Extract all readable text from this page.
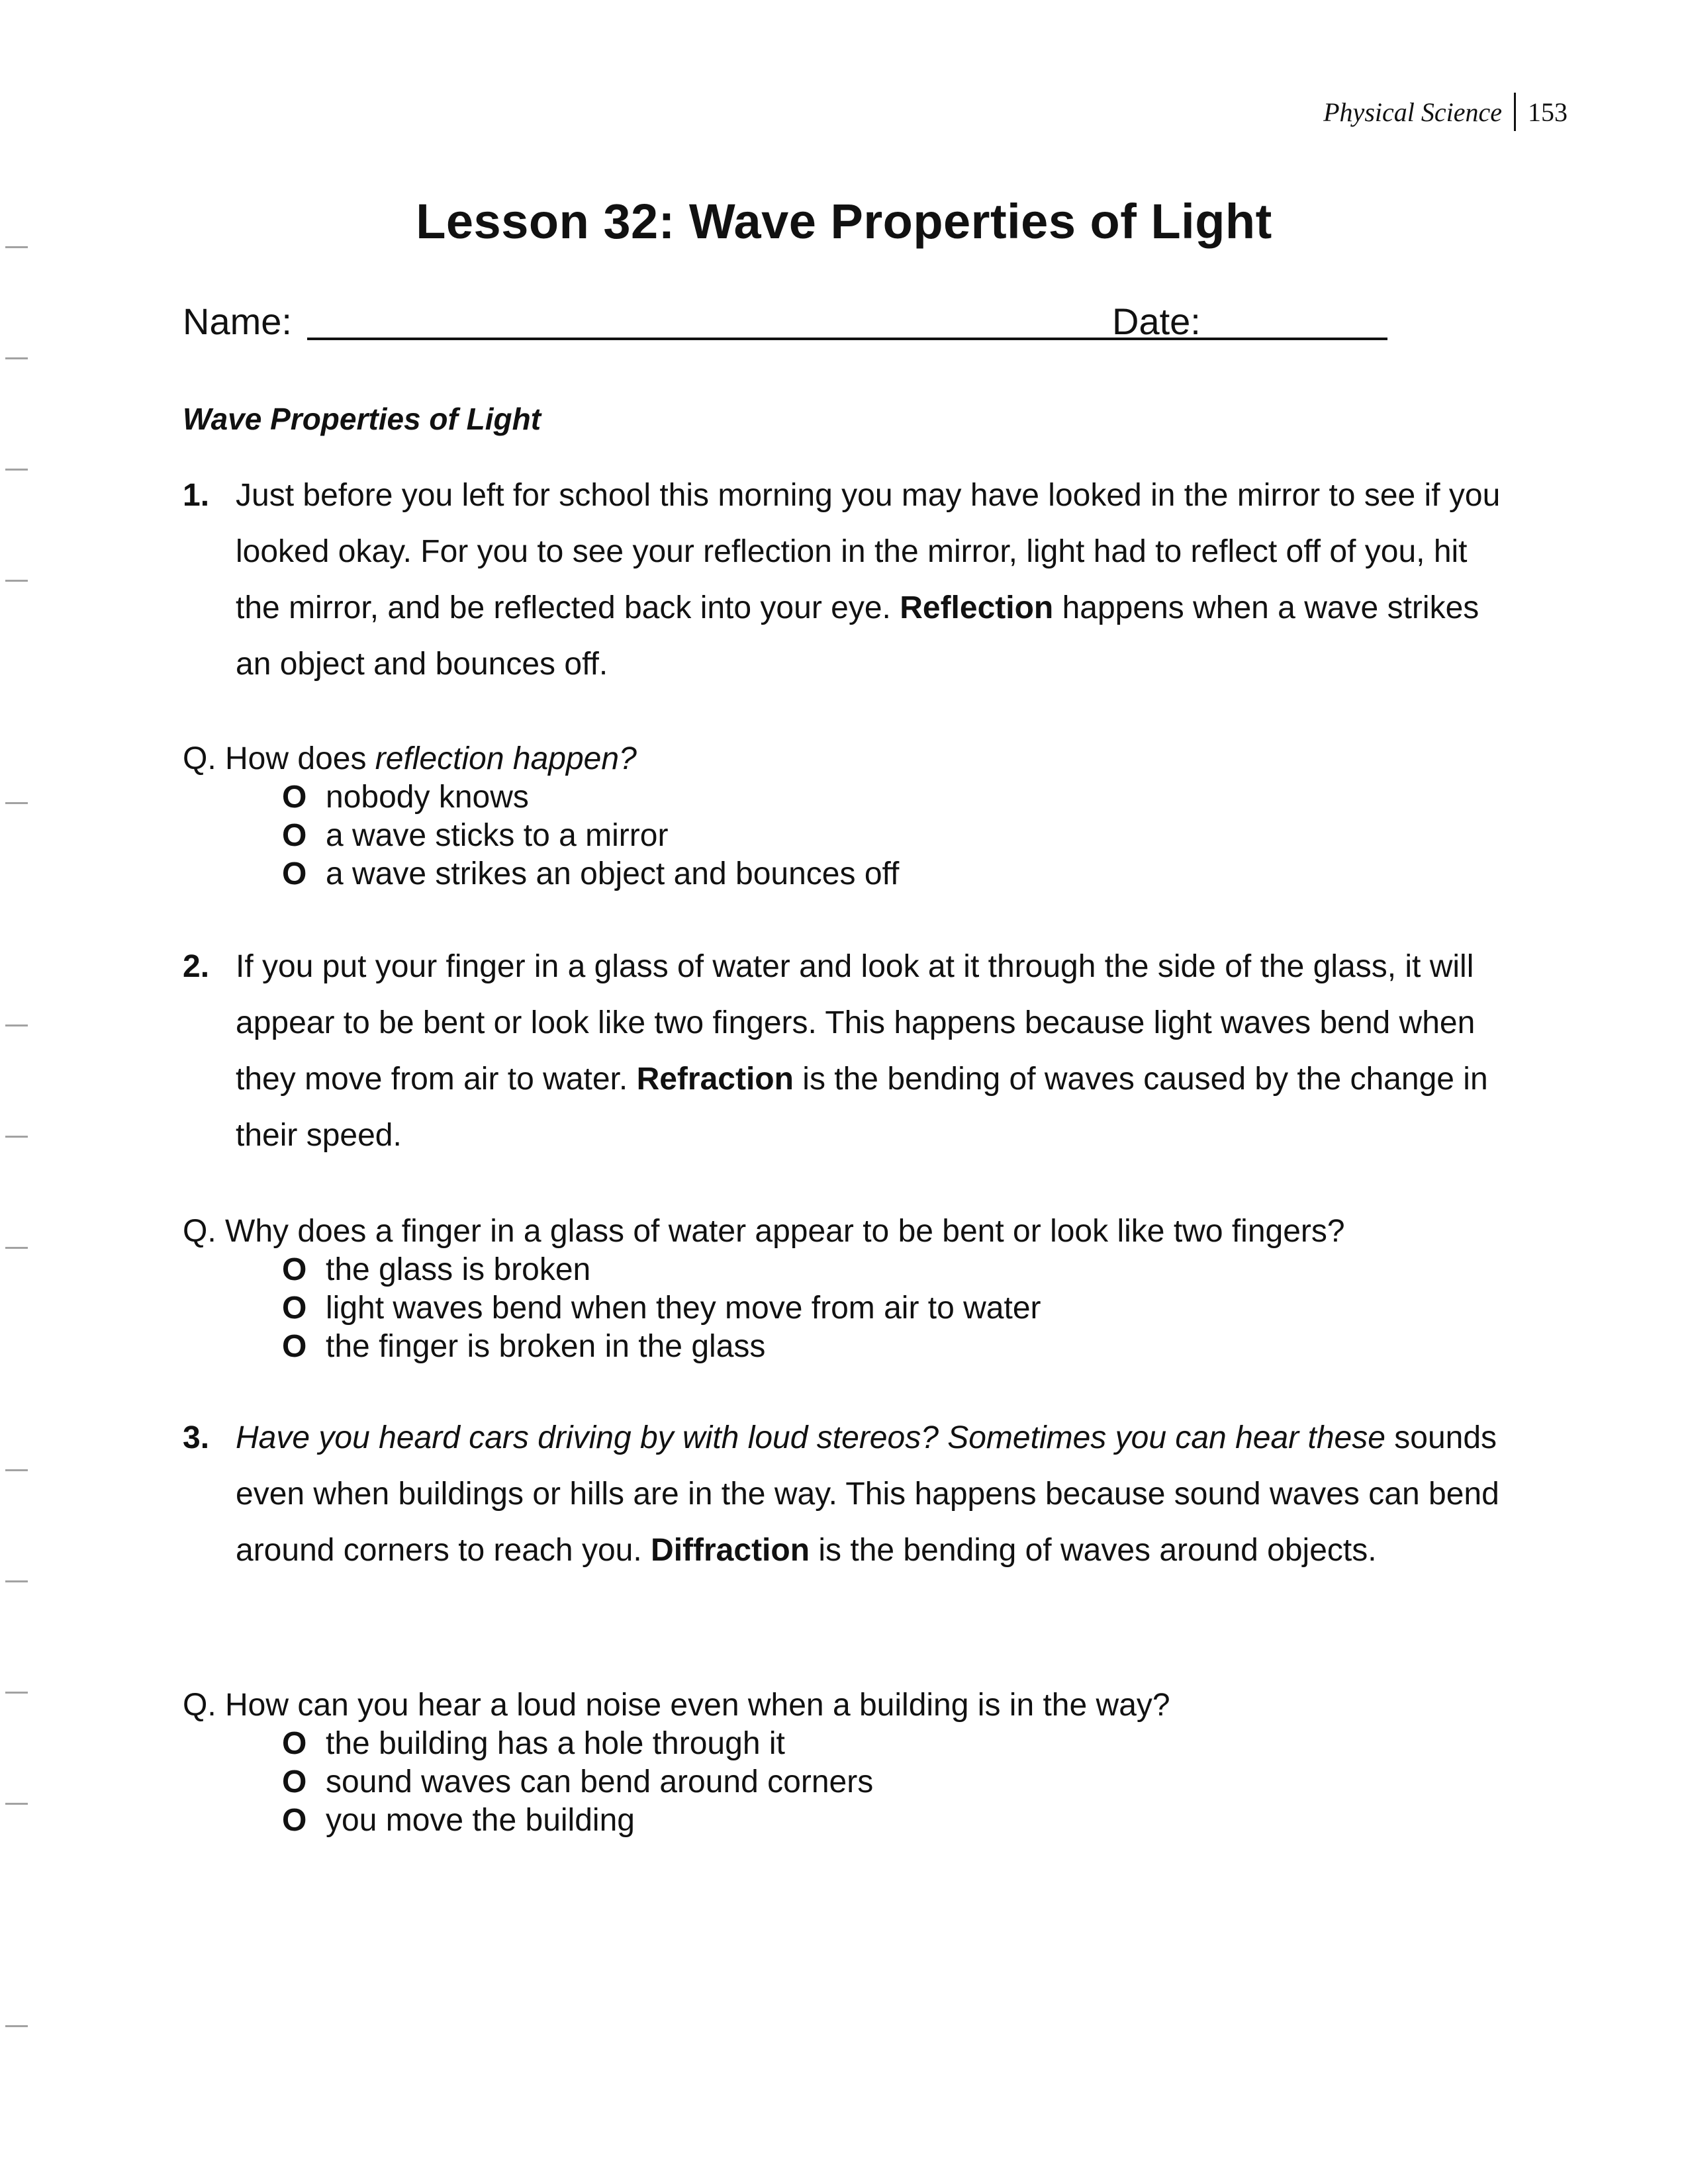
Physical Science 153
Lesson 32: Wave Properties of Light
Name:	Date:
Wave Properties of Light
1. Just before you left for school this morning you may have looked in the mirror to see if you looked okay. For you to see your reflection in the mirror, light had to reflect off of you, hit the mirror, and be reflected back into your eye. Reflection happens when a wave strikes an object and bounces off.
Q. How does reflection happen?
O nobody knows
O a wave sticks to a mirror
O a wave strikes an object and bounces off
2. If you put your finger in a glass of water and look at it through the side of the glass, it will appear to be bent or look like two fingers. This happens because light waves bend when they move from air to water. Refraction is the bending of waves caused by the change in their speed.
Q. Why does a finger in a glass of water appear to be bent or look like two fingers?
O the glass is broken
O light waves bend when they move from air to water
O the finger is broken in the glass
3. Have you heard cars driving by with loud stereos? Sometimes you can hear these sounds even when buildings or hills are in the way. This happens because sound waves can bend around corners to reach you. Diffraction is the bending of waves around objects.
Q. How can you hear a loud noise even when a building is in the way?
O the building has a hole through it
O sound waves can bend around corners
O you move the building
